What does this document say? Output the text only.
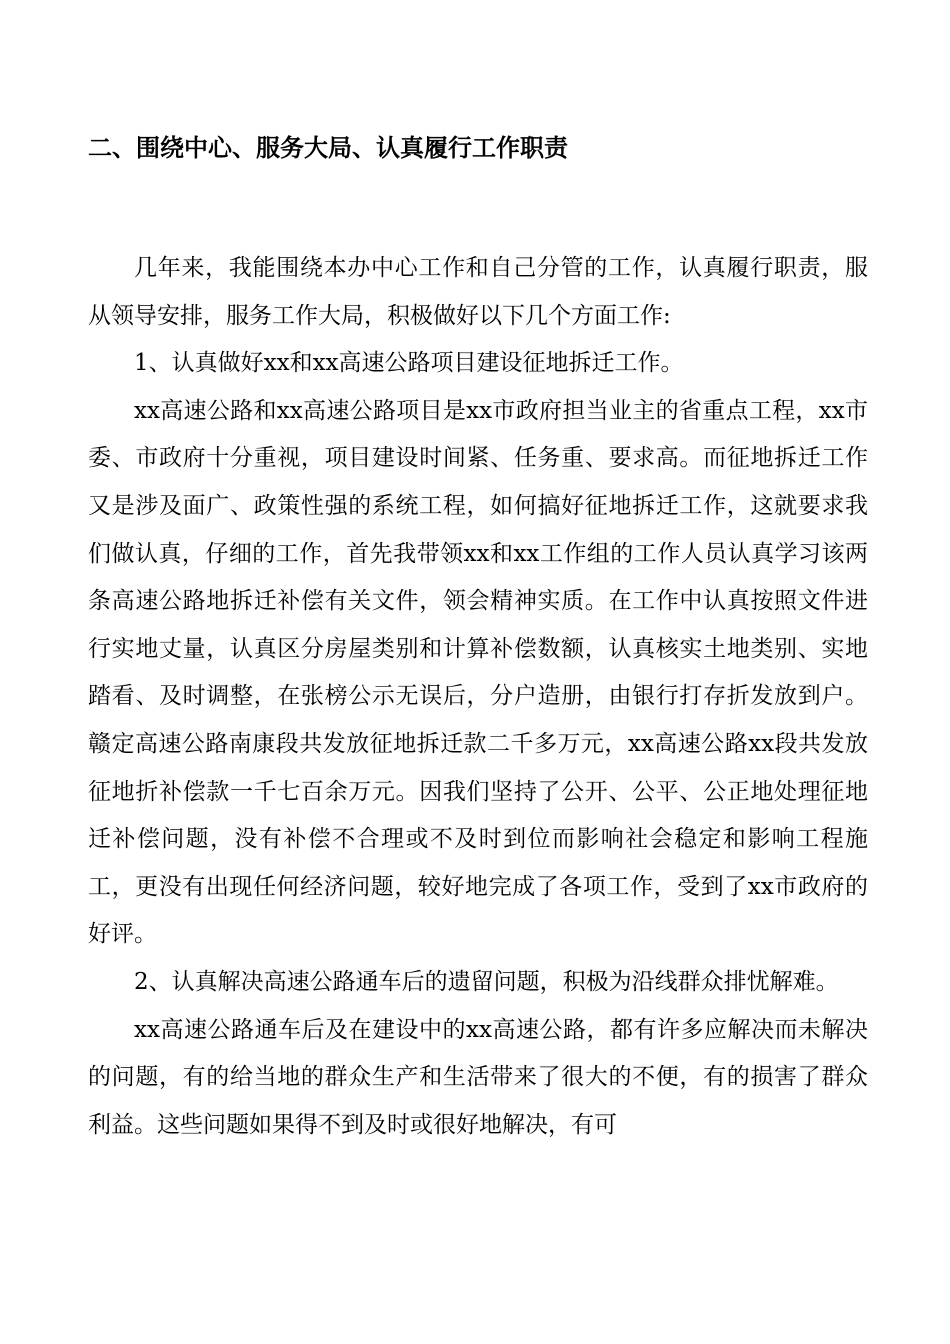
二、围绕中心、服务大局、认真履行工作职责

几年来，我能围绕本办中心工作和自己分管的工作，认真履行职责，服从领导安排，服务工作大局，积极做好以下几个方面工作:

1、认真做好xx和xx高速公路项目建设征地拆迁工作。

xx高速公路和xx高速公路项目是xx市政府担当业主的省重点工程，xx市委、市政府十分重视，项目建设时间紧、任务重、要求高。而征地拆迁工作又是涉及面广、政策性强的系统工程，如何搞好征地拆迁工作，这就要求我们做认真，仔细的工作，首先我带领xx和xx工作组的工作人员认真学习该两条高速公路地拆迁补偿有关文件，领会精神实质。在工作中认真按照文件进行实地丈量，认真区分房屋类别和计算补偿数额，认真核实土地类别、实地踏看、及时调整，在张榜公示无误后，分户造册，由银行打存折发放到户。赣定高速公路南康段共发放征地拆迁款二千多万元，xx高速公路xx段共发放征地折补偿款一千七百余万元。因我们坚持了公开、公平、公正地处理征地迁补偿问题，没有补偿不合理或不及时到位而影响社会稳定和影响工程施工，更没有出现任何经济问题，较好地完成了各项工作，受到了xx市政府的好评。

2、认真解决高速公路通车后的遗留问题，积极为沿线群众排忧解难。

xx高速公路通车后及在建设中的xx高速公路，都有许多应解决而未解决的问题，有的给当地的群众生产和生活带来了很大的不便，有的损害了群众利益。这些问题如果得不到及时或很好地解决，有可
